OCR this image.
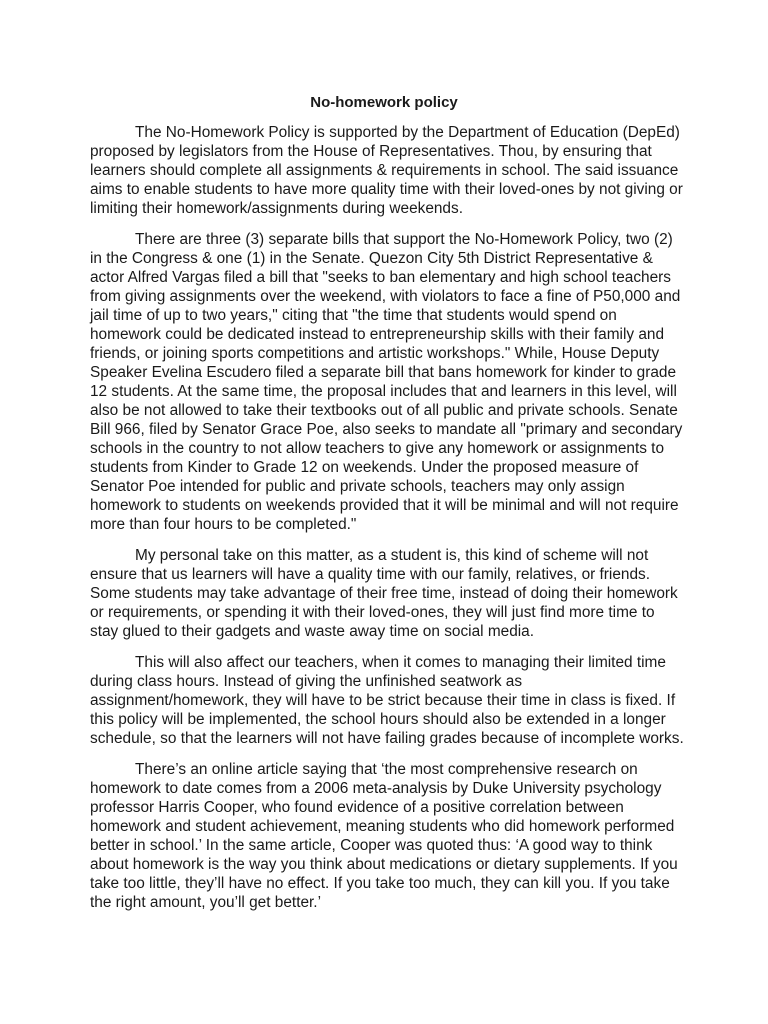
No-homework policy

The No-Homework Policy is supported by the Department of Education (DepEd) proposed by legislators from the House of Representatives. Thou, by ensuring that learners should complete all assignments & requirements in school. The said issuance aims to enable students to have more quality time with their loved-ones by not giving or limiting their homework/assignments during weekends.

There are three (3) separate bills that support the No-Homework Policy, two (2) in the Congress & one (1) in the Senate. Quezon City 5th District Representative & actor Alfred Vargas filed a bill that "seeks to ban elementary and high school teachers from giving assignments over the weekend, with violators to face a fine of P50,000 and jail time of up to two years," citing that "the time that students would spend on homework could be dedicated instead to entrepreneurship skills with their family and friends, or joining sports competitions and artistic workshops." While, House Deputy Speaker Evelina Escudero filed a separate bill that bans homework for kinder to grade 12 students. At the same time, the proposal includes that and learners in this level, will also be not allowed to take their textbooks out of all public and private schools. Senate Bill 966, filed by Senator Grace Poe, also seeks to mandate all "primary and secondary schools in the country to not allow teachers to give any homework or assignments to students from Kinder to Grade 12 on weekends. Under the proposed measure of Senator Poe intended for public and private schools, teachers may only assign homework to students on weekends provided that it will be minimal and will not require more than four hours to be completed."

My personal take on this matter, as a student is, this kind of scheme will not ensure that us learners will have a quality time with our family, relatives, or friends. Some students may take advantage of their free time, instead of doing their homework or requirements, or spending it with their loved-ones, they will just find more time to stay glued to their gadgets and waste away time on social media.

This will also affect our teachers, when it comes to managing their limited time during class hours. Instead of giving the unfinished seatwork as assignment/homework, they will have to be strict because their time in class is fixed. If this policy will be implemented, the school hours should also be extended in a longer schedule, so that the learners will not have failing grades because of incomplete works.

There’s an online article saying that ‘the most comprehensive research on homework to date comes from a 2006 meta-analysis by Duke University psychology professor Harris Cooper, who found evidence of a positive correlation between homework and student achievement, meaning students who did homework performed better in school.’ In the same article, Cooper was quoted thus: ‘A good way to think about homework is the way you think about medications or dietary supplements. If you take too little, they’ll have no effect. If you take too much, they can kill you. If you take the right amount, you’ll get better.’
